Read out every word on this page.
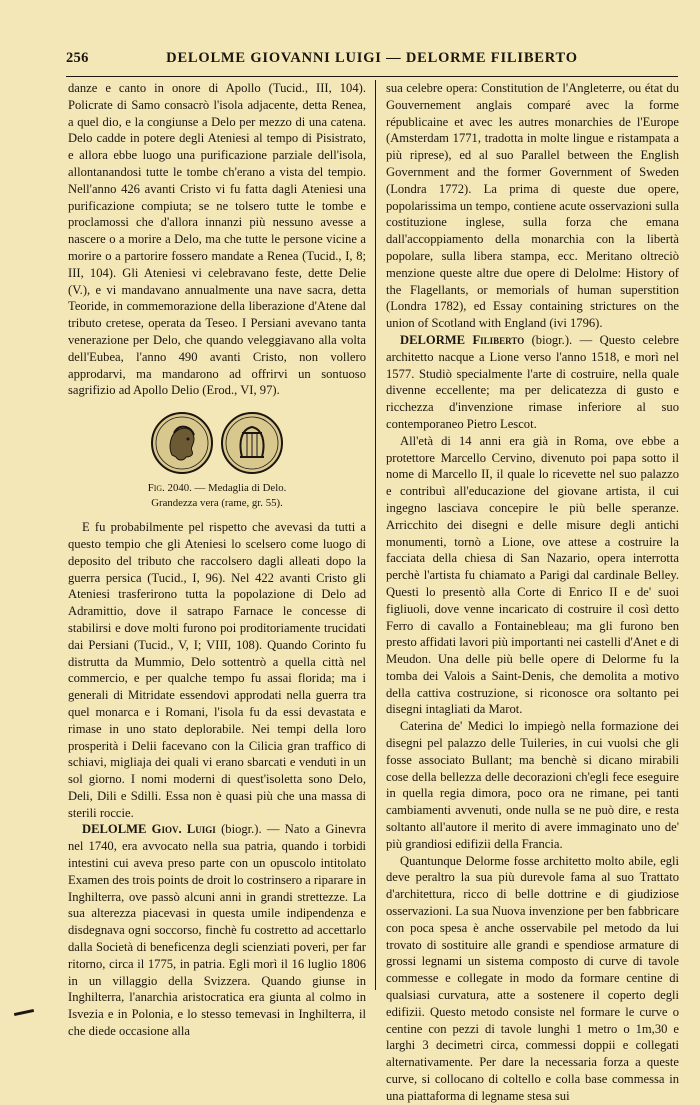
256	DELOLME GIOVANNI LUIGI — DELORME FILIBERTO

danze e canto in onore di Apollo (Tucid., III, 104). Policrate di Samo consacrò l'isola adjacente, detta Renea, a quel dio, e la congiunse a Delo per mezzo di una catena. Delo cadde in potere degli Ateniesi al tempo di Pisistrato, e allora ebbe luogo una purificazione parziale dell'isola, allontanandosi tutte le tombe ch'erano a vista del tempio. Nell'anno 426 avanti Cristo vi fu fatta dagli Ateniesi una purificazione compiuta; se ne tolsero tutte le tombe e proclamossi che d'allora innanzi più nessuno avesse a nascere o a morire a Delo, ma che tutte le persone vicine a morire o a partorire fossero mandate a Renea (Tucid., I, 8; III, 104). Gli Ateniesi vi celebravano feste, dette Delie (V.), e vi mandavano annualmente una nave sacra, detta Teoride, in commemorazione della liberazione d'Atene dal tributo cretese, operata da Teseo. I Persiani avevano tanta venerazione per Delo, che quando veleggiavano alla volta dell'Eubea, l'anno 490 avanti Cristo, non vollero approdarvi, ma mandarono ad offrirvi un sontuoso sagrifizio ad Apollo Delio (Erod., VI, 97).

Fig. 2040. — Medaglia di Delo.

Grandezza vera (rame, gr. 55).

E fu probabilmente pel rispetto che avevasi da tutti a questo tempio che gli Ateniesi lo scelsero come luogo di deposito del tributo che raccolsero dagli alleati dopo la guerra persica (Tucid., I, 96). Nel 422 avanti Cristo gli Ateniesi trasferirono tutta la popolazione di Delo ad Adramittio, dove il satrapo Farnace le concesse di stabilirsi e dove molti furono poi proditoriamente trucidati dai Persiani (Tucid., V, I; VIII, 108). Quando Corinto fu distrutta da Mummio, Delo sottentrò a quella città nel commercio, e per qualche tempo fu assai florida; ma i generali di Mitridate essendovi approdati nella guerra tra quel monarca e i Romani, l'isola fu da essi devastata e rimase in uno stato deplorabile. Nei tempi della loro prosperità i Delii facevano con la Cilicia gran traffico di schiavi, migliaja dei quali vi erano sbarcati e venduti in un sol giorno. I nomi moderni di quest'isoletta sono Delo, Deli, Dili e Sdilli. Essa non è quasi più che una massa di sterili roccie.

DELOLME Giov. Luigi (biogr.). — Nato a Ginevra nel 1740, era avvocato nella sua patria, quando i torbidi intestini cui aveva preso parte con un opuscolo intitolato Examen des trois points de droit lo costrinsero a riparare in Inghilterra, ove passò alcuni anni in grandi strettezze. La sua alterezza piacevasi in questa umile indipendenza e disdegnava ogni soccorso, finchè fu costretto ad accettarlo dalla Società di beneficenza degli scienziati poveri, per far ritorno, circa il 1775, in patria. Egli morì il 16 luglio 1806 in un villaggio della Svizzera. Quando giunse in Inghilterra, l'anarchia aristocratica era giunta al colmo in Isvezia e in Polonia, e lo stesso temevasi in Inghilterra, il che diede occasione alla

sua celebre opera: Constitution de l'Angleterre, ou état du Gouvernement anglais comparé avec la forme républicaine et avec les autres monarchies de l'Europe (Amsterdam 1771, tradotta in molte lingue e ristampata a più riprese), ed al suo Parallel between the English Government and the former Government of Sweden (Londra 1772). La prima di queste due opere, popolarissima un tempo, contiene acute osservazioni sulla costituzione inglese, sulla forza che emana dall'accoppiamento della monarchia con la libertà popolare, sulla libera stampa, ecc. Meritano oltreciò menzione queste altre due opere di Delolme: History of the Flagellants, or memorials of human superstition (Londra 1782), ed Essay containing strictures on the union of Scotland with England (ivi 1796).

DELORME Filiberto (biogr.). — Questo celebre architetto nacque a Lione verso l'anno 1518, e morì nel 1577. Studiò specialmente l'arte di costruire, nella quale divenne eccellente; ma per delicatezza di gusto e ricchezza d'invenzione rimase inferiore al suo contemporaneo Pietro Lescot.

All'età di 14 anni era già in Roma, ove ebbe a protettore Marcello Cervino, divenuto poi papa sotto il nome di Marcello II, il quale lo ricevette nel suo palazzo e contribuì all'educazione del giovane artista, il cui ingegno lasciava concepire le più belle speranze. Arricchito dei disegni e delle misure degli antichi monumenti, tornò a Lione, ove attese a costruire la facciata della chiesa di San Nazario, opera interrotta perchè l'artista fu chiamato a Parigi dal cardinale Belley. Questi lo presentò alla Corte di Enrico II e de' suoi figliuoli, dove venne incaricato di costruire il così detto Ferro di cavallo a Fontainebleau; ma gli furono ben presto affidati lavori più importanti nei castelli d'Anet e di Meudon. Una delle più belle opere di Delorme fu la tomba dei Valois a Saint-Denis, che demolita a motivo della cattiva costruzione, si riconosce ora soltanto pei disegni intagliati da Marot.

Caterina de' Medici lo impiegò nella formazione dei disegni pel palazzo delle Tuileries, in cui vuolsi che gli fosse associato Bullant; ma benchè si dicano mirabili cose della bellezza delle decorazioni ch'egli fece eseguire in quella regia dimora, poco ora ne rimane, pei tanti cambiamenti avvenuti, onde nulla se ne può dire, e resta soltanto all'autore il merito di avere immaginato uno de' più grandiosi edifizii della Francia.

Quantunque Delorme fosse architetto molto abile, egli deve peraltro la sua più durevole fama al suo Trattato d'architettura, ricco di belle dottrine e di giudiziose osservazioni. La sua Nuova invenzione per ben fabbricare con poca spesa è anche osservabile pel metodo da lui trovato di sostituire alle grandi e spendiose armature di grossi legnami un sistema composto di curve di tavole commesse e collegate in modo da formare centine di qualsiasi curvatura, atte a sostenere il coperto degli edifizii. Questo metodo consiste nel formare le curve o centine con pezzi di tavole lunghi 1 metro o 1m,30 e larghi 3 decimetri circa, commessi doppii e collegati alternativamente. Per dare la necessaria forza a queste curve, si collocano di coltello e colla base commessa in una piattaforma di legname stesa sui
